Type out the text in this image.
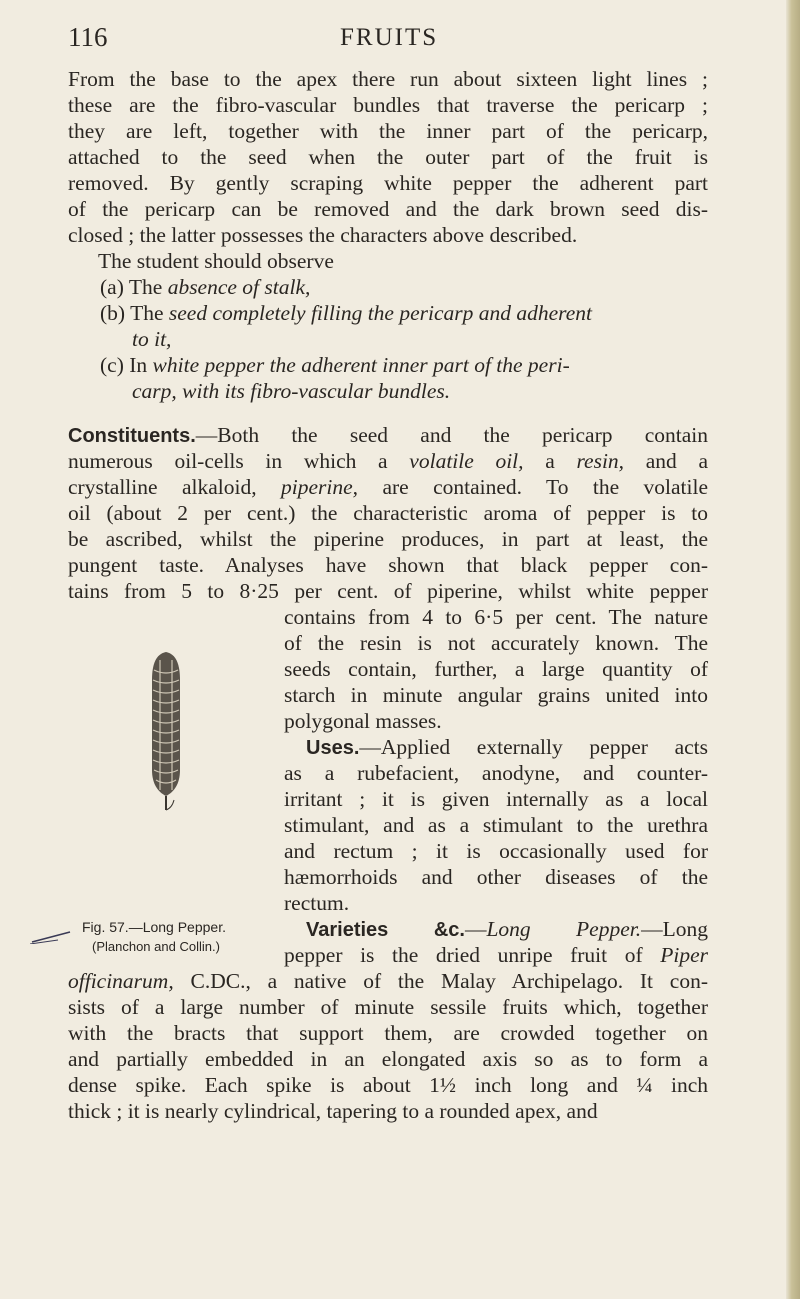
116	FRUITS

From the base to the apex there run about sixteen light lines ;

these are the fibro-vascular bundles that traverse the pericarp ;

they are left, together with the inner part of the pericarp,

attached to the seed when the outer part of the fruit is

removed. By gently scraping white pepper the adherent part

of the pericarp can be removed and the dark brown seed dis-

closed ; the latter possesses the characters above described.

The student should observe

(a) The absence of stalk,
(b) The seed completely filling the pericarp and adherent
to it,
(c) In white pepper the adherent inner part of the peri-
carp, with its fibro-vascular bundles.

Constituents.—Both the seed and the pericarp contain

numerous oil-cells in which a volatile oil, a resin, and a

crystalline alkaloid, piperine, are contained. To the volatile

oil (about 2 per cent.) the characteristic aroma of pepper is to

be ascribed, whilst the piperine produces, in part at least, the

pungent taste. Analyses have shown that black pepper con-

tains from 5 to 8·25 per cent. of piperine, whilst white pepper

contains from 4 to 6·5 per cent. The nature

of the resin is not accurately known. The

seeds contain, further, a large quantity of

starch in minute angular grains united into

polygonal masses.

Uses.—Applied externally pepper acts

as a rubefacient, anodyne, and counter-

irritant ; it is given internally as a local

stimulant, and as a stimulant to the urethra

and rectum ; it is occasionally used for

hæmorrhoids and other diseases of the

rectum.

Fig. 57.—Long Pepper.
(Planchon and Collin.)

Varieties &c.—Long Pepper.—Long

pepper is the dried unripe fruit of Piper

officinarum, C.DC., a native of the Malay Archipelago. It con-

sists of a large number of minute sessile fruits which, together

with the bracts that support them, are crowded together on

and partially embedded in an elongated axis so as to form a

dense spike. Each spike is about 1½ inch long and ¼ inch

thick ; it is nearly cylindrical, tapering to a rounded apex, and
